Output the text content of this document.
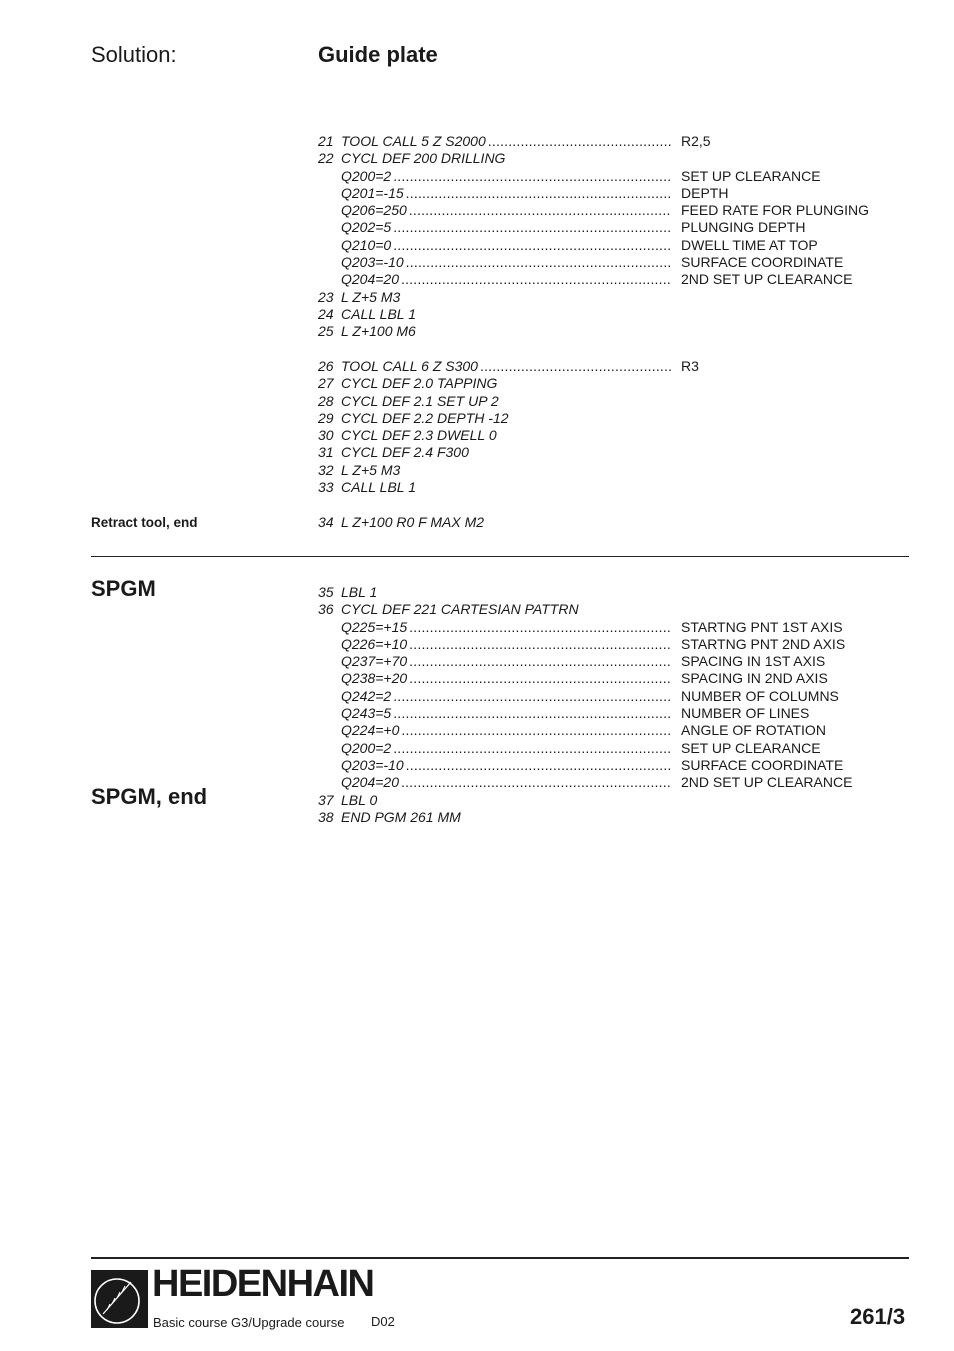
Solution:	Guide plate
21 TOOL CALL 5 Z S2000 .....	R2,5
22 CYCL DEF 200 DRILLING
Q200=2 .....	SET UP CLEARANCE
Q201=-15 .....	DEPTH
Q206=250 .....	FEED RATE FOR PLUNGING
Q202=5 .....	PLUNGING DEPTH
Q210=0 .....	DWELL TIME AT TOP
Q203=-10 .....	SURFACE COORDINATE
Q204=20 .....	2ND SET UP CLEARANCE
23 L Z+5 M3
24 CALL LBL 1
25 L Z+100 M6
26 TOOL CALL 6 Z S300 .....	R3
27 CYCL DEF 2.0 TAPPING
28 CYCL DEF 2.1 SET UP 2
29 CYCL DEF 2.2 DEPTH -12
30 CYCL DEF 2.3 DWELL 0
31 CYCL DEF 2.4 F300
32 L Z+5 M3
33 CALL LBL 1
Retract tool, end	34 L Z+100 R0 F MAX M2
SPGM
SPGM, end
35 LBL 1
36 CYCL DEF 221 CARTESIAN PATTRN
Q225=+15 .....	STARTNG PNT 1ST AXIS
Q226=+10 .....	STARTNG PNT 2ND AXIS
Q237=+70 .....	SPACING IN 1ST AXIS
Q238=+20 .....	SPACING IN 2ND AXIS
Q242=2 .....	NUMBER OF COLUMNS
Q243=5 .....	NUMBER OF LINES
Q224=+0 .....	ANGLE OF ROTATION
Q200=2 .....	SET UP CLEARANCE
Q203=-10 .....	SURFACE COORDINATE
Q204=20 .....	2ND SET UP CLEARANCE
37 LBL 0
38 END PGM 261 MM
HEIDENHAIN
Basic course G3/Upgrade course D02	261/3
